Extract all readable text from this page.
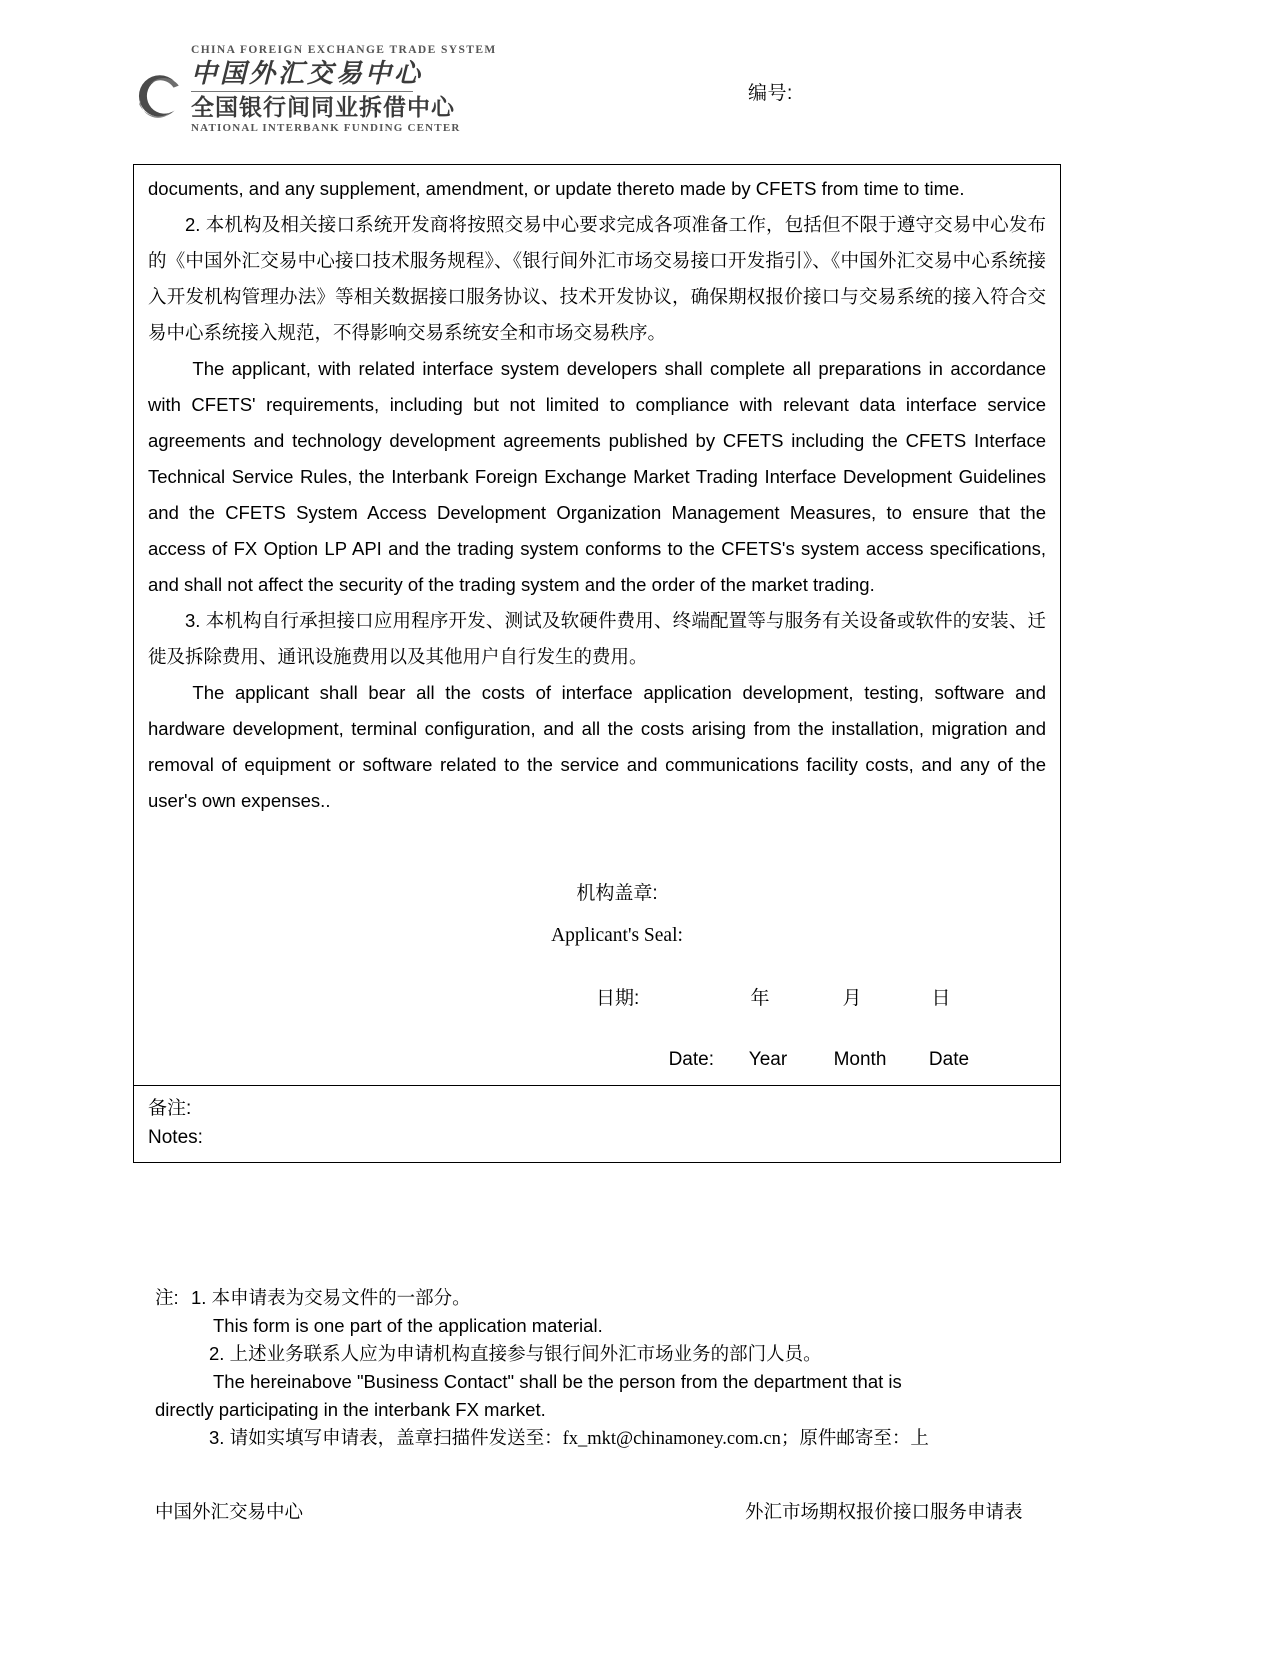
CHINA FOREIGN EXCHANGE TRADE SYSTEM
中国外汇交易中心
全国银行间同业拆借中心
NATIONAL INTERBANK FUNDING CENTER
编号:

documents, and any supplement, amendment, or update thereto made by CFETS from time to time.

2. 本机构及相关接口系统开发商将按照交易中心要求完成各项准备工作，包括但不限于遵守交易中心发布的《中国外汇交易中心接口技术服务规程》、《银行间外汇市场交易接口开发指引》、《中国外汇交易中心系统接入开发机构管理办法》等相关数据接口服务协议、技术开发协议，确保期权报价接口与交易系统的接入符合交易中心系统接入规范，不得影响交易系统安全和市场交易秩序。

The applicant, with related interface system developers shall complete all preparations in accordance with CFETS' requirements, including but not limited to compliance with relevant data interface service agreements and technology development agreements published by CFETS including the CFETS Interface Technical Service Rules, the Interbank Foreign Exchange Market Trading Interface Development Guidelines and the CFETS System Access Development Organization Management Measures, to ensure that the access of FX Option LP API and the trading system conforms to the CFETS's system access specifications, and shall not affect the security of the trading system and the order of the market trading.

3. 本机构自行承担接口应用程序开发、测试及软硬件费用、终端配置等与服务有关设备或软件的安装、迁徙及拆除费用、通讯设施费用以及其他用户自行发生的费用。

The applicant shall bear all the costs of interface application development, testing, software and hardware development, terminal configuration, and all the costs arising from the installation, migration and removal of equipment or software related to the service and communications facility costs, and any of the user's own expenses..

机构盖章:
Applicant's Seal:
日期:	年	月	日
Date:	Year	Month	Date
备注:
Notes:
注: 1. 本申请表为交易文件的一部分。
This form is one part of the application material.
2. 上述业务联系人应为申请机构直接参与银行间外汇市场业务的部门人员。
The hereinabove "Business Contact" shall be the person from the department that is
directly participating in the interbank FX market.
3. 请如实填写申请表，盖章扫描件发送至：fx_mkt@chinamoney.com.cn；原件邮寄至：上
中国外汇交易中心	外汇市场期权报价接口服务申请表
